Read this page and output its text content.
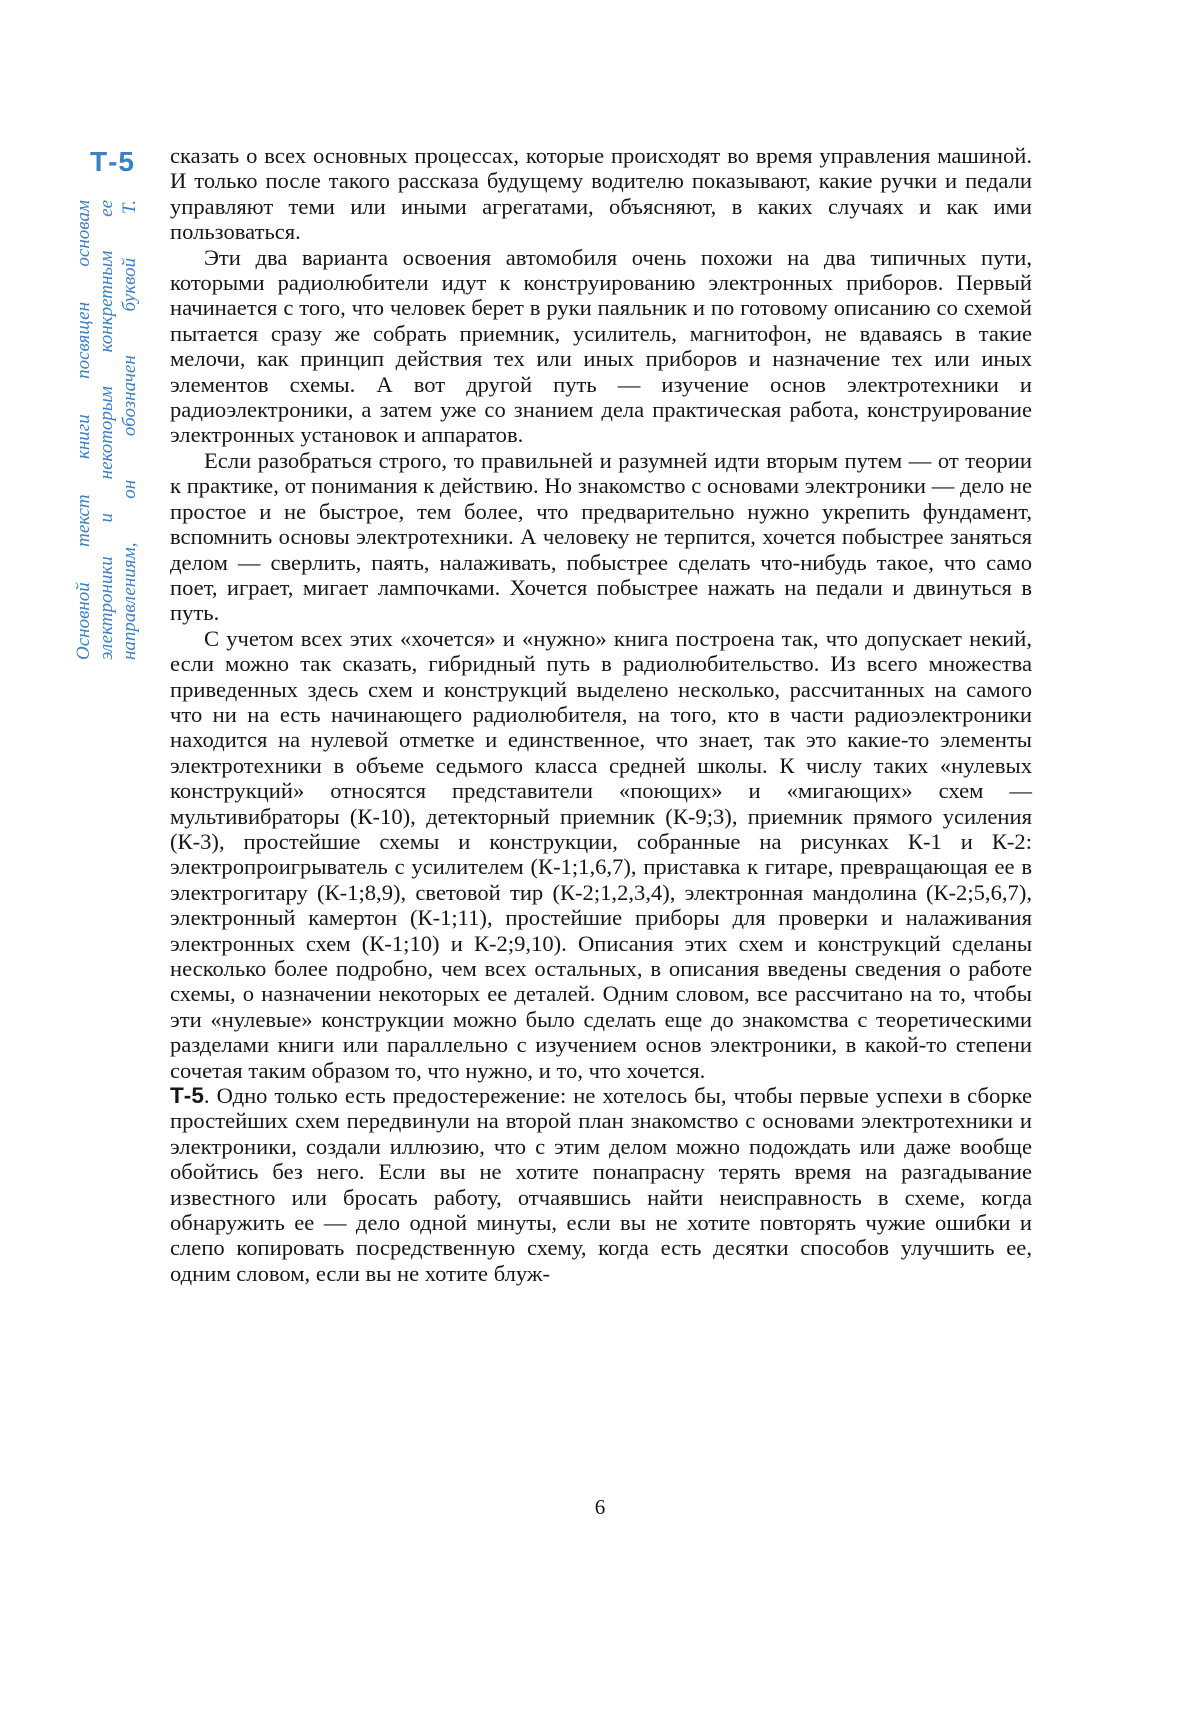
Т-5
Основной текст книги посвящен основам электроники и некоторым конкретным ее направлениям, он обозначен буквой Т.

сказать о всех основных процессах, которые происходят во время управления машиной. И только после такого рассказа будущему водителю показывают, какие ручки и педали управляют теми или иными агрегатами, объясняют, в каких случаях и как ими пользоваться.

Эти два варианта освоения автомобиля очень похожи на два типичных пути, которыми радиолюбители идут к конструированию электронных приборов. Первый начинается с того, что человек берет в руки паяльник и по готовому описанию со схемой пытается сразу же собрать приемник, усилитель, магнитофон, не вдаваясь в такие мелочи, как принцип действия тех или иных приборов и назначение тех или иных элементов схемы. А вот другой путь — изучение основ электротехники и радиоэлектроники, а затем уже со знанием дела практическая работа, конструирование электронных установок и аппаратов.

Если разобраться строго, то правильней и разумней идти вторым путем — от теории к практике, от понимания к действию. Но знакомство с основами электроники — дело не простое и не быстрое, тем более, что предварительно нужно укрепить фундамент, вспомнить основы электротехники. А человеку не терпится, хочется побыстрее заняться делом — сверлить, паять, налаживать, побыстрее сделать что-нибудь такое, что само поет, играет, мигает лампочками. Хочется побыстрее нажать на педали и двинуться в путь.

С учетом всех этих «хочется» и «нужно» книга построена так, что допускает некий, если можно так сказать, гибридный путь в радиолюбительство. Из всего множества приведенных здесь схем и конструкций выделено несколько, рассчитанных на самого что ни на есть начинающего радиолюбителя, на того, кто в части радиоэлектроники находится на нулевой отметке и единственное, что знает, так это какие-то элементы электротехники в объеме седьмого класса средней школы. К числу таких «нулевых конструкций» относятся представители «поющих» и «мигающих» схем — мультивибраторы (К-10), детекторный приемник (К-9;3), приемник прямого усиления (К-3), простейшие схемы и конструкции, собранные на рисунках К-1 и К-2: электропроигрыватель с усилителем (К-1;1,6,7), приставка к гитаре, превращающая ее в электрогитару (К-1;8,9), световой тир (К-2;1,2,3,4), электронная мандолина (К-2;5,6,7), электронный камертон (К-1;11), простейшие приборы для проверки и налаживания электронных схем (К-1;10) и К-2;9,10). Описания этих схем и конструкций сделаны несколько более подробно, чем всех остальных, в описания введены сведения о работе схемы, о назначении некоторых ее деталей. Одним словом, все рассчитано на то, чтобы эти «нулевые» конструкции можно было сделать еще до знакомства с теоретическими разделами книги или параллельно с изучением основ электроники, в какой-то степени сочетая таким образом то, что нужно, и то, что хочется.

Т-5. Одно только есть предостережение: не хотелось бы, чтобы первые успехи в сборке простейших схем передвинули на второй план знакомство с основами электротехники и электроники, создали иллюзию, что с этим делом можно подождать или даже вообще обойтись без него. Если вы не хотите понапрасну терять время на разгадывание известного или бросать работу, отчаявшись найти неисправность в схеме, когда обнаружить ее — дело одной минуты, если вы не хотите повторять чужие ошибки и слепо копировать посредственную схему, когда есть десятки способов улучшить ее, одним словом, если вы не хотите блуж-

6
